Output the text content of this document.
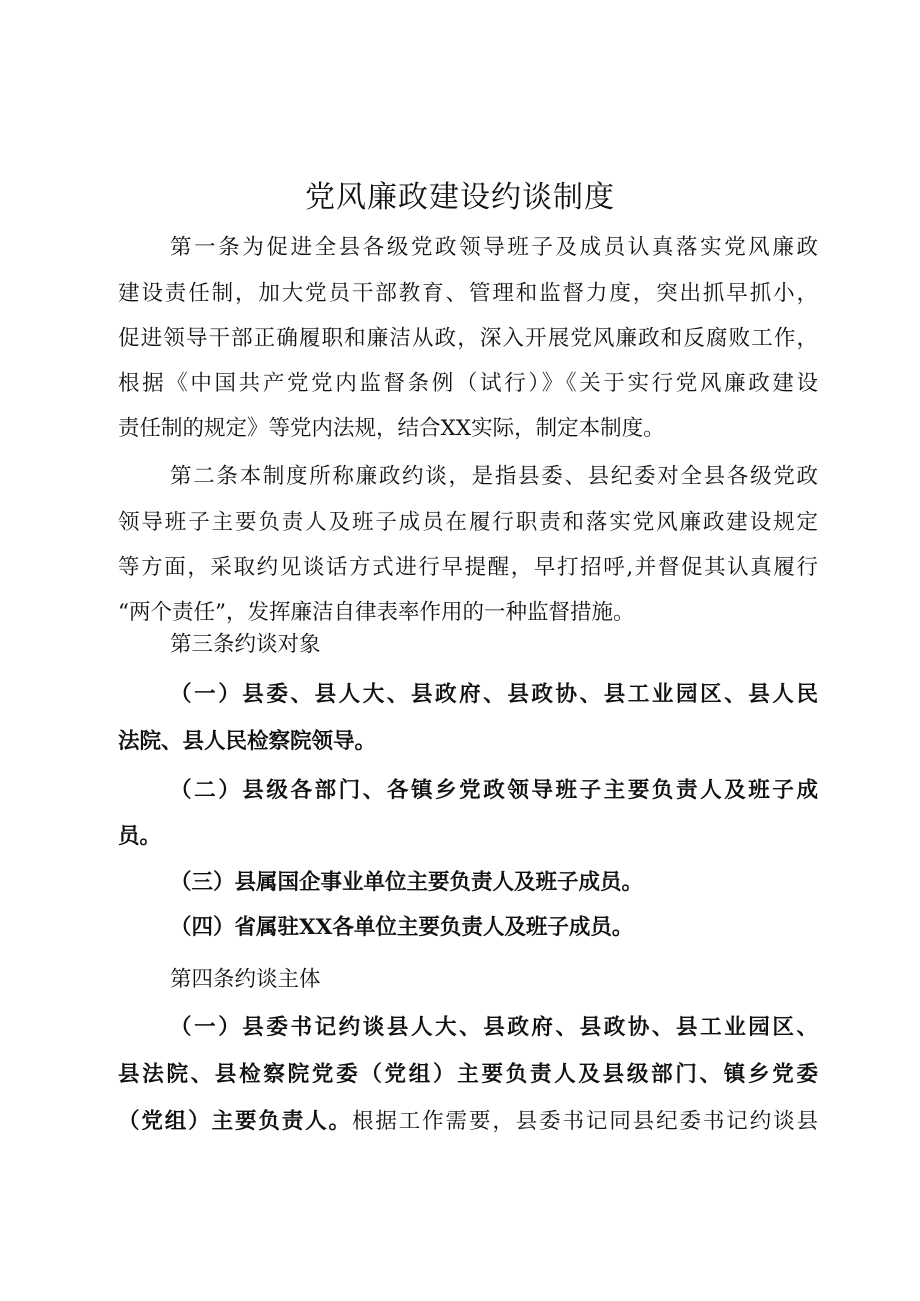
党风廉政建设约谈制度

第一条为促进全县各级党政领导班子及成员认真落实党风廉政

建设责任制，加大党员干部教育、管理和监督力度，突出抓早抓小，

促进领导干部正确履职和廉洁从政，深入开展党风廉政和反腐败工作，

根据《中国共产党党内监督条例（试行）》《关于实行党风廉政建设

责任制的规定》等党内法规，结合XX实际，制定本制度。

第二条本制度所称廉政约谈，是指县委、县纪委对全县各级党政

领导班子主要负责人及班子成员在履行职责和落实党风廉政建设规定

等方面，采取约见谈话方式进行早提醒，早打招呼,并督促其认真履行

“两个责任”，发挥廉洁自律表率作用的一种监督措施。

第三条约谈对象

（一）县委、县人大、县政府、县政协、县工业园区、县人民

法院、县人民检察院领导。

（二）县级各部门、各镇乡党政领导班子主要负责人及班子成

员。

（三）县属国企事业单位主要负责人及班子成员。

（四）省属驻XX各单位主要负责人及班子成员。

第四条约谈主体

（一）县委书记约谈县人大、县政府、县政协、县工业园区、

县法院、县检察院党委（党组）主要负责人及县级部门、镇乡党委

（党组）主要负责人。根据工作需要，县委书记同县纪委书记约谈县
